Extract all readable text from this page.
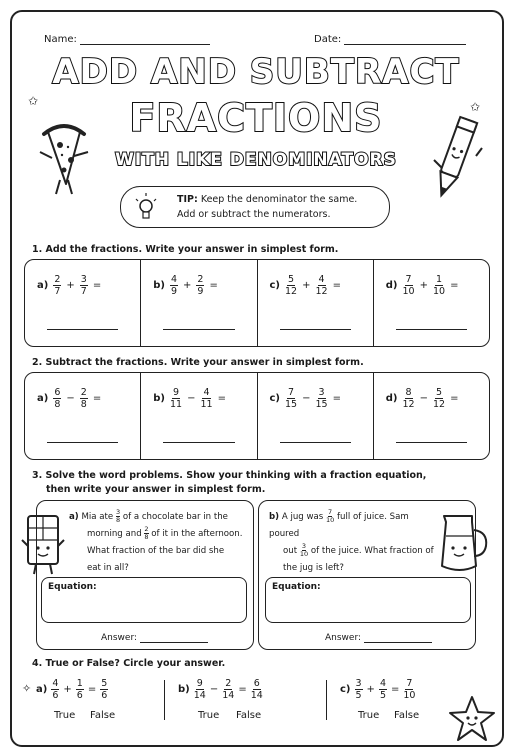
Name:	Date:
ADD AND SUBTRACT
FRACTIONS
WITH LIKE DENOMINATORS
✩	✩
TIP: Keep the denominator the same.
Add or subtract the numerators.
1. Add the fractions. Write your answer in simplest form.
$a) \frac{2}{7} + \frac{3}{7}$ =	$b) \frac{4}{9} + \frac{2}{9}$ =	$c) \frac{5}{12} + \frac{4}{12}$ =	$d) \frac{7}{10} + \frac{1}{10}$ =
2. Subtract the fractions. Write your answer in simplest form.
$a) \frac{6}{8} - \frac{2}{8}$ =	$b) \frac{9}{11} - \frac{4}{11}$ =	$c) \frac{7}{15} - \frac{3}{15}$ =	$d) \frac{8}{12} - \frac{5}{12}$ =
3. Solve the word problems. Show your thinking with a fraction equation,
then write your answer in simplest form.
a) Mia ate $\frac{3}{8}$ of a chocolate bar in the
morning and $\frac{2}{8}$ of it in the afternoon.
What fraction of the bar did she
eat in all?
Equation:
Answer:
b) A jug was $\frac{7}{10}$ full of juice. Sam poured
out $\frac{3}{10}$ of the juice. What fraction of
the jug is left?
Equation:
Answer:
4. True or False? Circle your answer.
✧ $a) \frac{4}{6} + \frac{1}{6} = \frac{5}{6}$
True False
$b) \frac{9}{14} - \frac{2}{14} = \frac{6}{14}$
True False
$c) \frac{3}{5} + \frac{4}{5} = \frac{7}{10}$
True False
